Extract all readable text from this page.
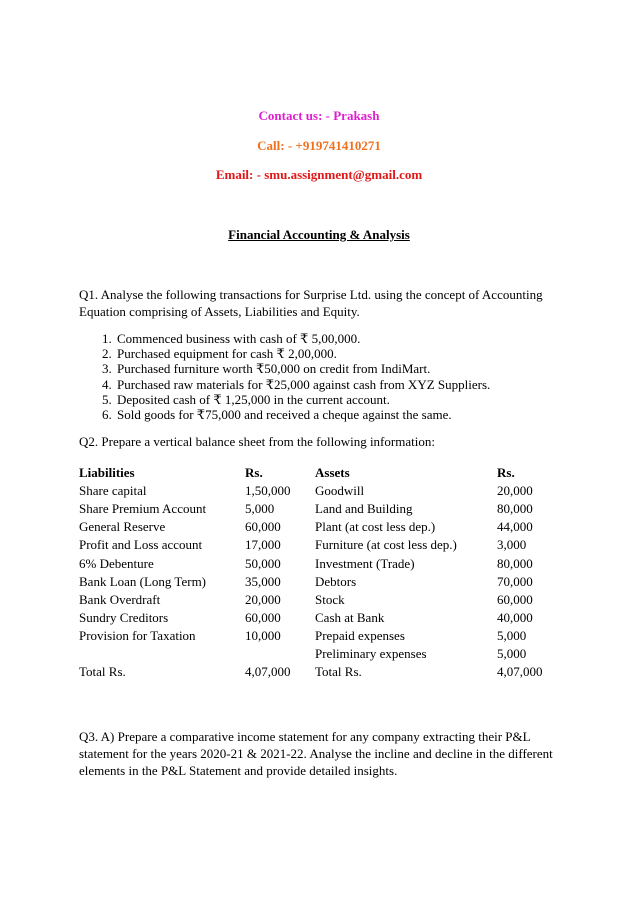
Contact us: - Prakash
Call: - +919741410271
Email: - smu.assignment@gmail.com
Financial Accounting & Analysis
Q1. Analyse the following transactions for Surprise Ltd. using the concept of Accounting Equation comprising of Assets, Liabilities and Equity.
1. Commenced business with cash of ₹ 5,00,000.
2. Purchased equipment for cash ₹ 2,00,000.
3. Purchased furniture worth ₹50,000 on credit from IndiMart.
4. Purchased raw materials for ₹25,000 against cash from XYZ Suppliers.
5. Deposited cash of ₹ 1,25,000 in the current account.
6. Sold goods for ₹75,000 and received a cheque against the same.
Q2. Prepare a vertical balance sheet from the following information:
Liabilities	Rs.	Assets	Rs.
Share capital	1,50,000	Goodwill	20,000
Share Premium Account	5,000	Land and Building	80,000
General Reserve	60,000	Plant (at cost less dep.)	44,000
Profit and Loss account	17,000	Furniture (at cost less dep.)	3,000
6% Debenture	50,000	Investment (Trade)	80,000
Bank Loan (Long Term)	35,000	Debtors	70,000
Bank Overdraft	20,000	Stock	60,000
Sundry Creditors	60,000	Cash at Bank	40,000
Provision for Taxation	10,000	Prepaid expenses	5,000
		Preliminary expenses	5,000
Total Rs.	4,07,000	Total Rs.	4,07,000
Q3. A) Prepare a comparative income statement for any company extracting their P&L statement for the years 2020-21 & 2021-22. Analyse the incline and decline in the different elements in the P&L Statement and provide detailed insights.
